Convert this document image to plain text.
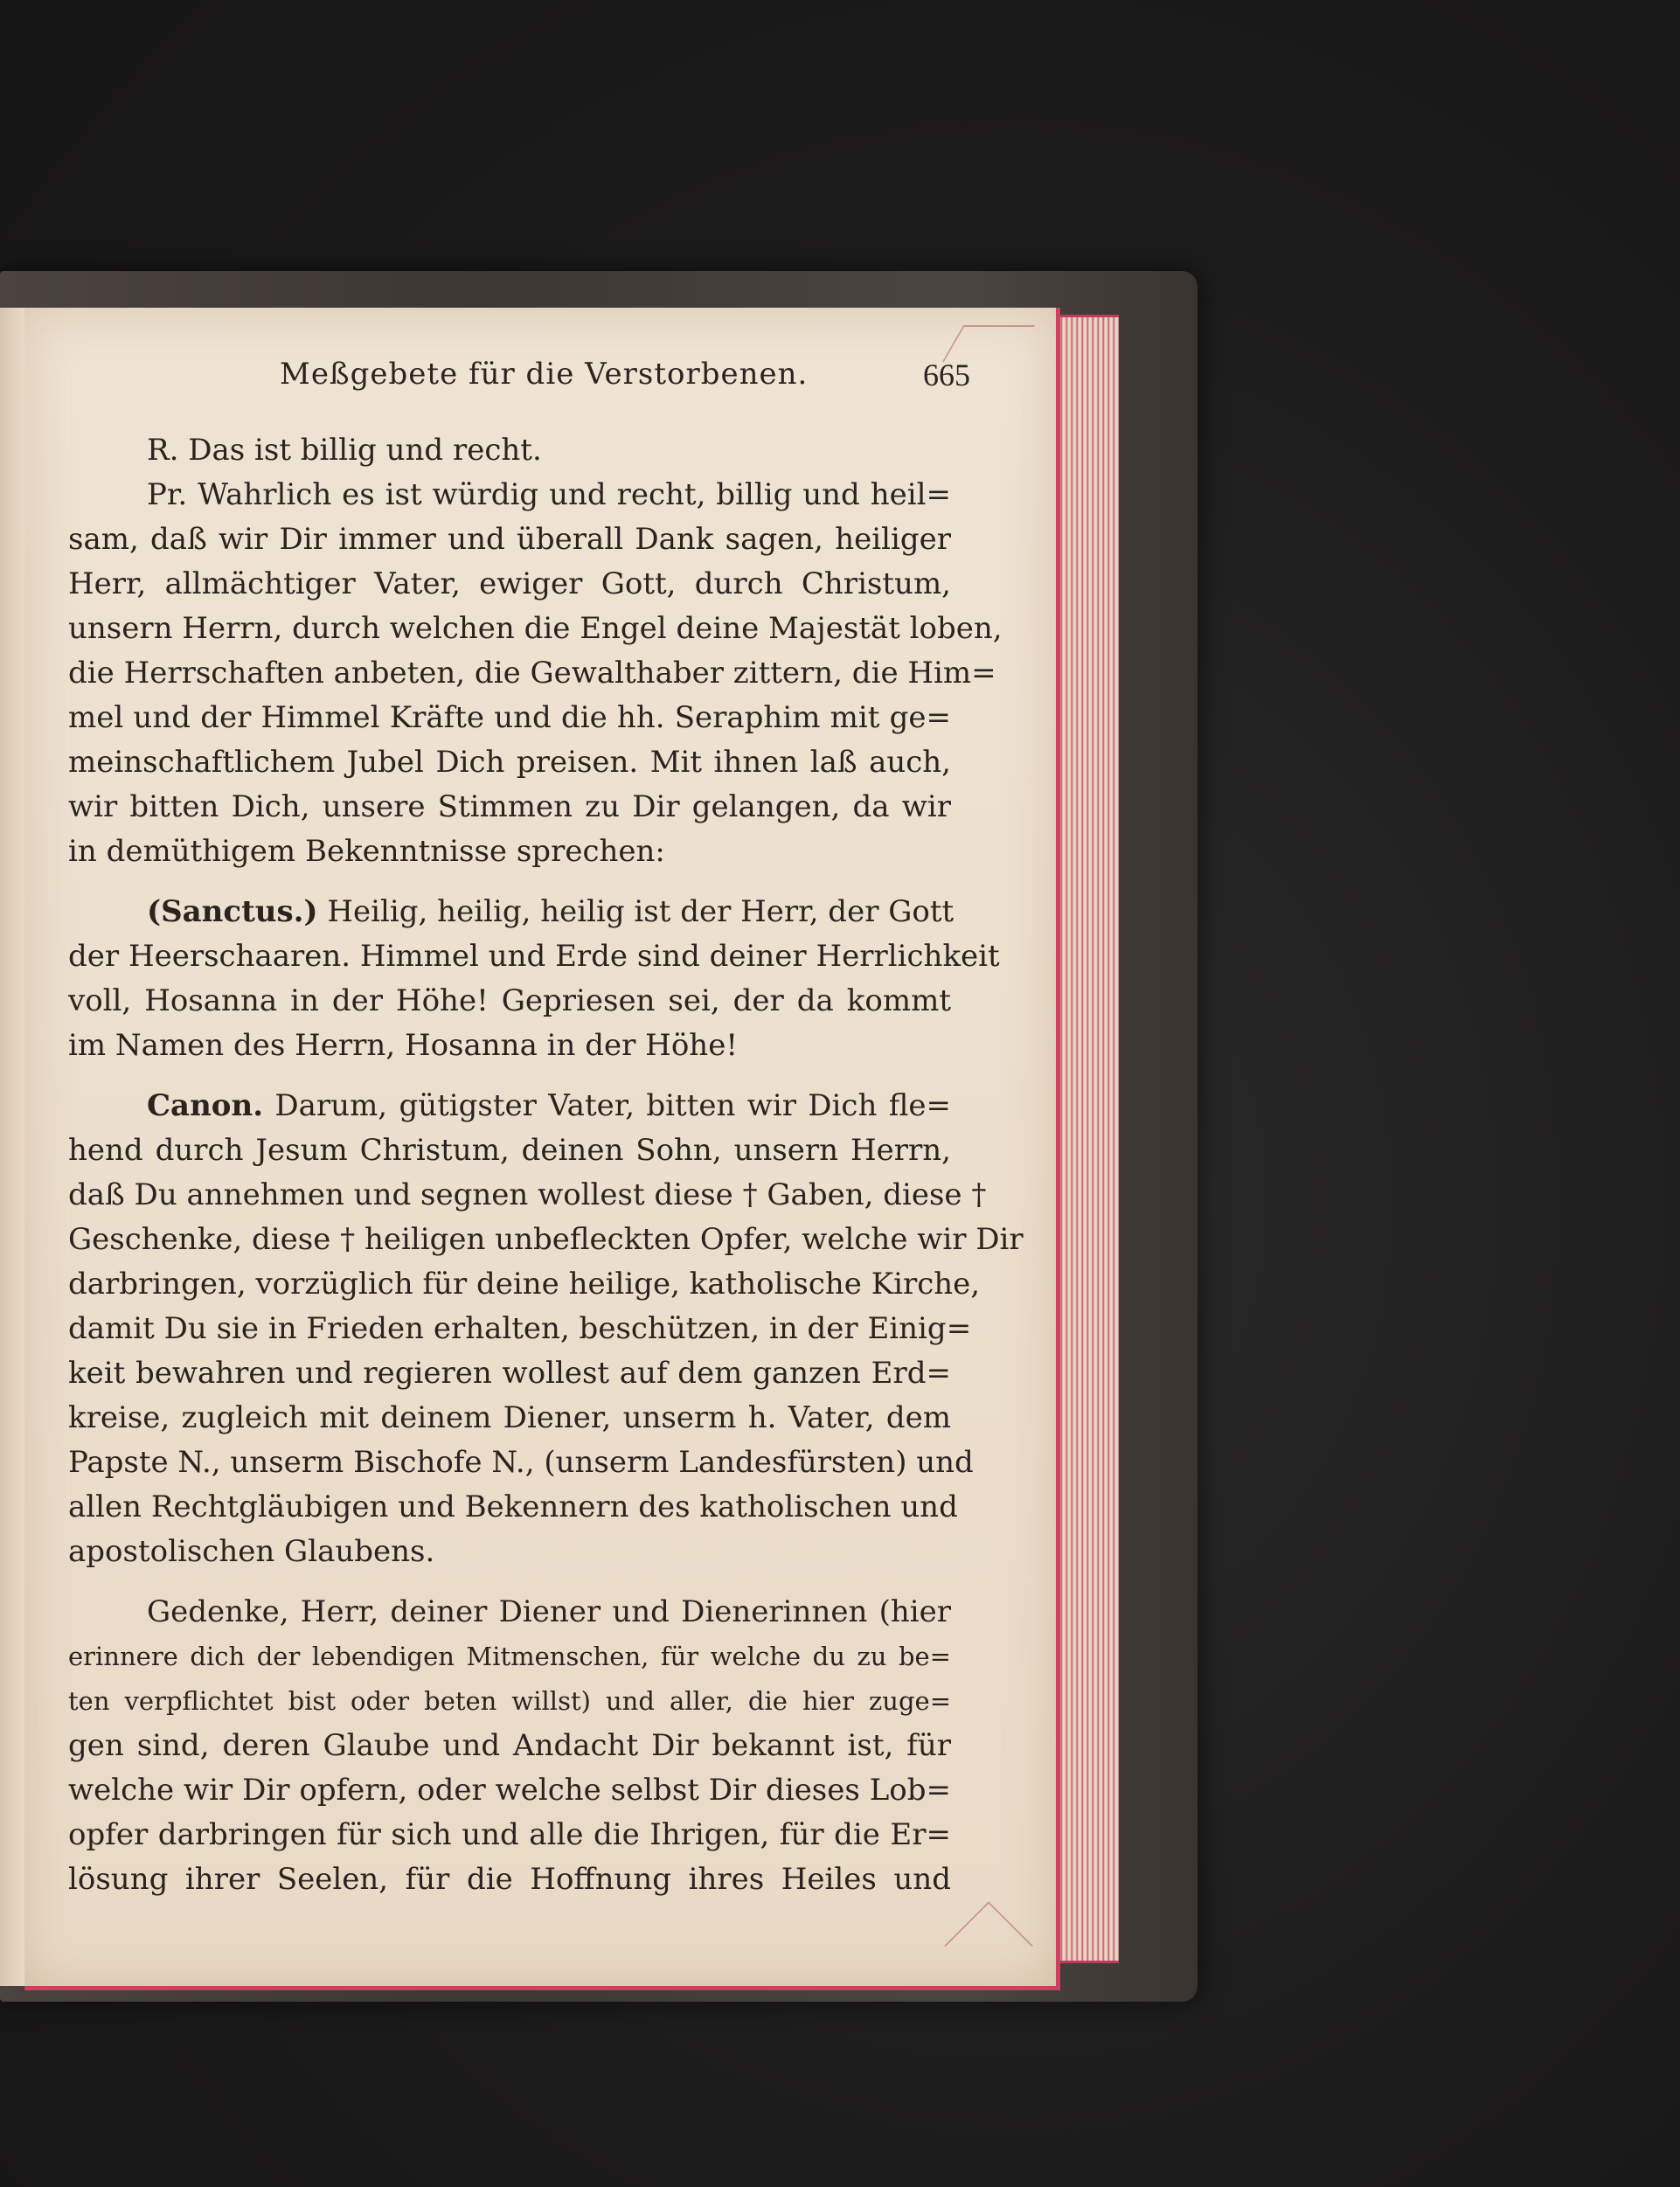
Meßgebete für die Verstorbenen.	665
R. Das ist billig und recht.
Pr. Wahrlich es ist würdig und recht, billig und heil=
sam, daß wir Dir immer und überall Dank sagen, heiliger
Herr, allmächtiger Vater, ewiger Gott, durch Christum,
unsern Herrn, durch welchen die Engel deine Majestät loben,
die Herrschaften anbeten, die Gewalthaber zittern, die Him=
mel und der Himmel Kräfte und die hh. Seraphim mit ge=
meinschaftlichem Jubel Dich preisen. Mit ihnen laß auch,
wir bitten Dich, unsere Stimmen zu Dir gelangen, da wir
in demüthigem Bekenntnisse sprechen:
(Sanctus.) Heilig, heilig, heilig ist der Herr, der Gott
der Heerschaaren. Himmel und Erde sind deiner Herrlichkeit
voll, Hosanna in der Höhe! Gepriesen sei, der da kommt
im Namen des Herrn, Hosanna in der Höhe!
Canon. Darum, gütigster Vater, bitten wir Dich fle=
hend durch Jesum Christum, deinen Sohn, unsern Herrn,
daß Du annehmen und segnen wollest diese † Gaben, diese †
Geschenke, diese † heiligen unbefleckten Opfer, welche wir Dir
darbringen, vorzüglich für deine heilige, katholische Kirche,
damit Du sie in Frieden erhalten, beschützen, in der Einig=
keit bewahren und regieren wollest auf dem ganzen Erd=
kreise, zugleich mit deinem Diener, unserm h. Vater, dem
Papste N., unserm Bischofe N., (unserm Landesfürsten) und
allen Rechtgläubigen und Bekennern des katholischen und
apostolischen Glaubens.
Gedenke, Herr, deiner Diener und Dienerinnen (hier
erinnere dich der lebendigen Mitmenschen, für welche du zu be=
ten verpflichtet bist oder beten willst) und aller, die hier zuge=
gen sind, deren Glaube und Andacht Dir bekannt ist, für
welche wir Dir opfern, oder welche selbst Dir dieses Lob=
opfer darbringen für sich und alle die Ihrigen, für die Er=
lösung ihrer Seelen, für die Hoffnung ihres Heiles und
